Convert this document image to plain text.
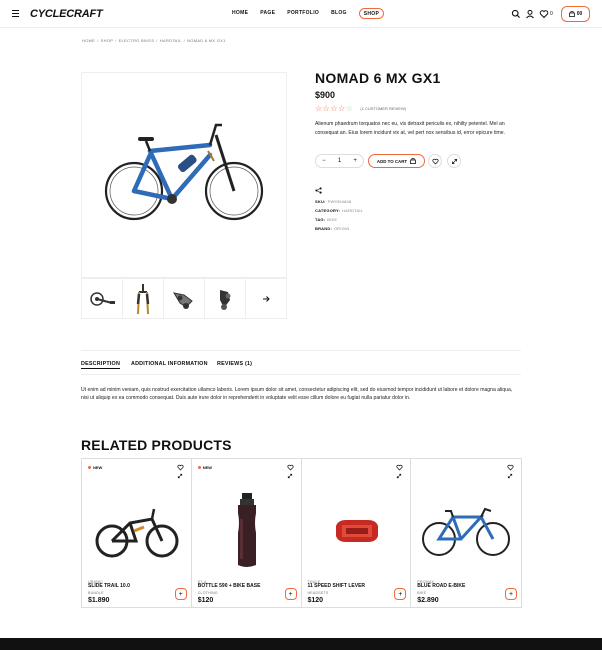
CYCLECRAFT	HOME PAGE PORTFOLIO BLOG	SHOP	0	00
HOME / SHOP / ELECTRO BIKES / HARDTAIL / NOMAD 6 MX GX1
NOMAD 6 MX GX1
$900
☆ ☆ ☆ ☆ ☆ (1 CUSTOMER REVIEW)
Alienum phaedrum torquatos nec eu, vis detraxit periculis ex, nihilty petentel. Mel an consequat an. Eius lorem incidunt vix at, vel pert nox sensibus id, error epicure time.
− 1 +	ADD TO CART
SKU: PW9394848
CATEGORY: HARDTAIL
TAG: BIKE
BRAND: ORIGIN
DESCRIPTION ADDITIONAL INFORMATION REVIEWS (1)
Ut enim ad minim veniam, quis nostrud exercitation ullamco laboris. Lorem ipsum dolor sit amet, consectetur adipiscing elit, sed do eiusmod tempor incididunt ut labore et dolore magna aliqua, nisi ut aliquip ex ea commodo consequat. Duis aute irure dolor in reprehenderit in voluptate velit esse cillum dolore eu fugiat nulla pariatur dolor in.
RELATED PRODUCTS
NEW
URANIC
SLIDE TRAIL 10.0
BUNDLE
$1.890
+
NEW
ST-A
BOTTLE 590 + BIKE BASE
CLOTHING
$120
+
THULE
11 SPEED SHIFT LEVER
HEADSETS
$120
+
PROMAX
BLUE ROAD E-BIKE
BIKE
$2.890
+
